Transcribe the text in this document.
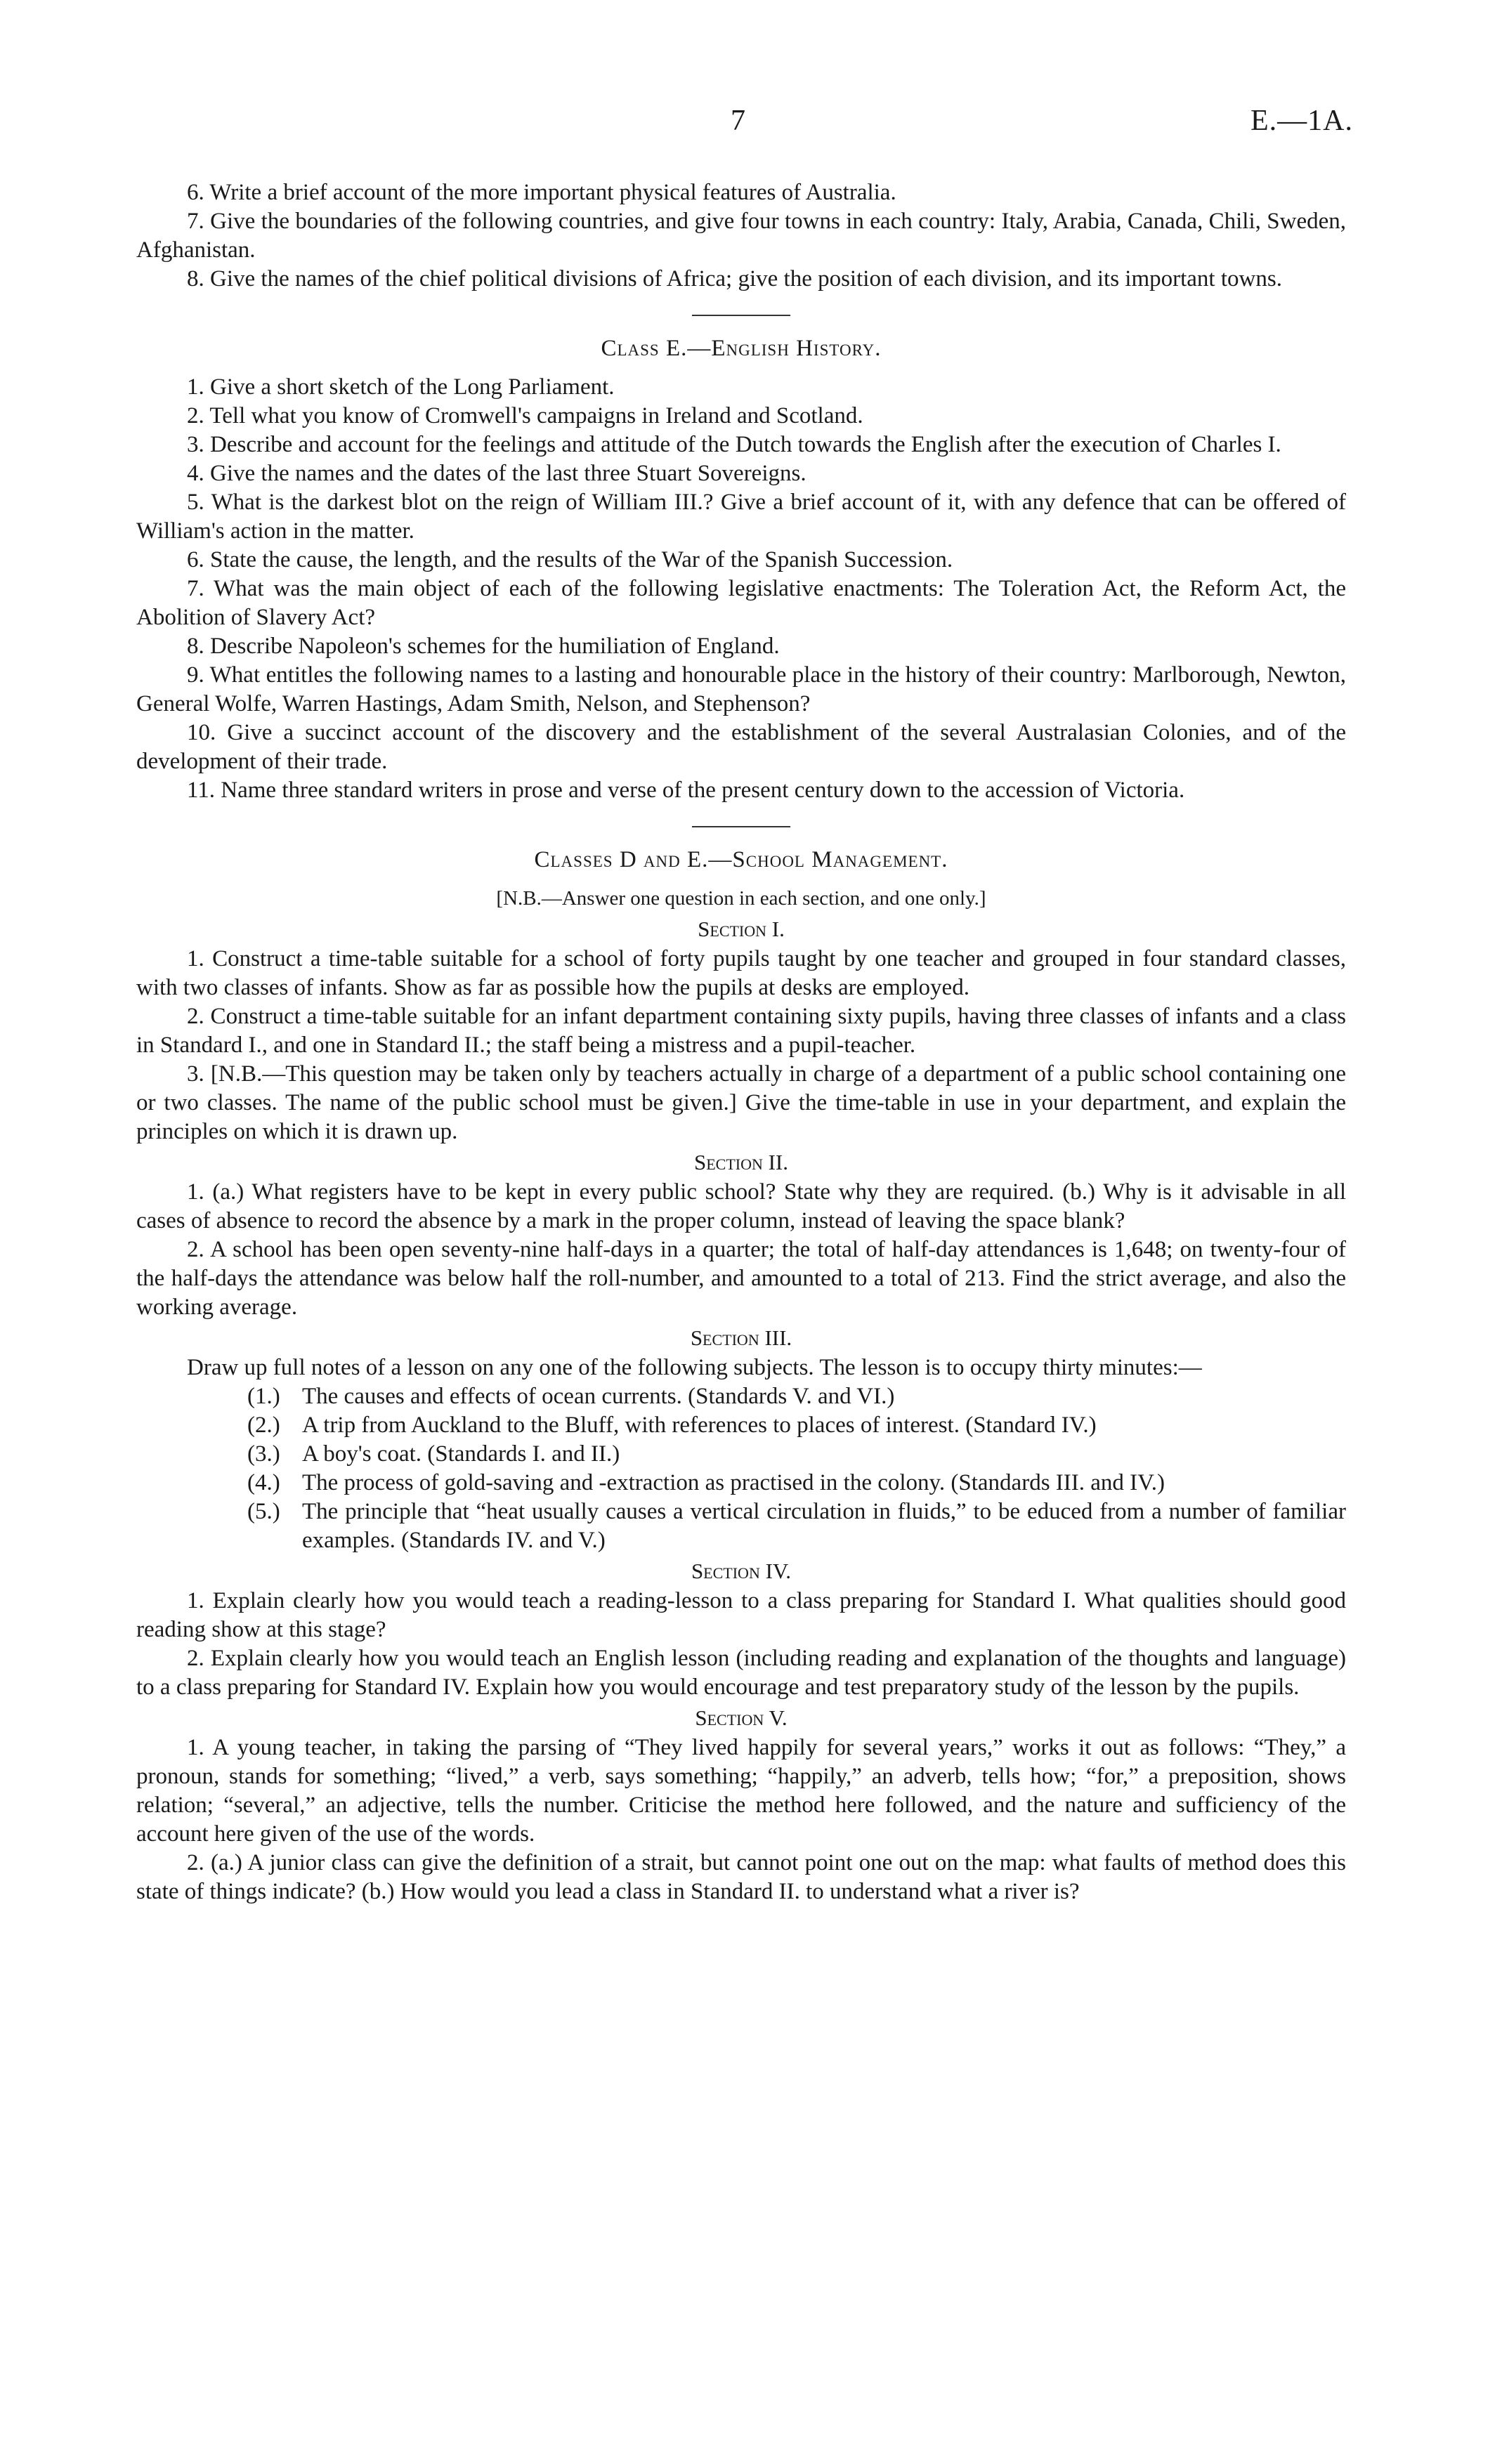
7	E.—1A.

6. Write a brief account of the more important physical features of Australia.

7. Give the boundaries of the following countries, and give four towns in each country: Italy, Arabia, Canada, Chili, Sweden, Afghanistan.

8. Give the names of the chief political divisions of Africa; give the position of each division, and its important towns.

Class E.—English History.

1. Give a short sketch of the Long Parliament.

2. Tell what you know of Cromwell's campaigns in Ireland and Scotland.

3. Describe and account for the feelings and attitude of the Dutch towards the English after the execution of Charles I.

4. Give the names and the dates of the last three Stuart Sovereigns.

5. What is the darkest blot on the reign of William III.? Give a brief account of it, with any defence that can be offered of William's action in the matter.

6. State the cause, the length, and the results of the War of the Spanish Succession.

7. What was the main object of each of the following legislative enactments: The Toleration Act, the Reform Act, the Abolition of Slavery Act?

8. Describe Napoleon's schemes for the humiliation of England.

9. What entitles the following names to a lasting and honourable place in the history of their country: Marlborough, Newton, General Wolfe, Warren Hastings, Adam Smith, Nelson, and Stephenson?

10. Give a succinct account of the discovery and the establishment of the several Australasian Colonies, and of the development of their trade.

11. Name three standard writers in prose and verse of the present century down to the accession of Victoria.

Classes D and E.—School Management.
[N.B.—Answer one question in each section, and one only.]
Section I.

1. Construct a time-table suitable for a school of forty pupils taught by one teacher and grouped in four standard classes, with two classes of infants. Show as far as possible how the pupils at desks are employed.

2. Construct a time-table suitable for an infant department containing sixty pupils, having three classes of infants and a class in Standard I., and one in Standard II.; the staff being a mistress and a pupil-teacher.

3. [N.B.—This question may be taken only by teachers actually in charge of a department of a public school containing one or two classes. The name of the public school must be given.] Give the time-table in use in your department, and explain the principles on which it is drawn up.

Section II.

1. (a.) What registers have to be kept in every public school? State why they are required. (b.) Why is it advisable in all cases of absence to record the absence by a mark in the proper column, instead of leaving the space blank?

2. A school has been open seventy-nine half-days in a quarter; the total of half-day attendances is 1,648; on twenty-four of the half-days the attendance was below half the roll-number, and amounted to a total of 213. Find the strict average, and also the working average.

Section III.

Draw up full notes of a lesson on any one of the following subjects. The lesson is to occupy thirty minutes:—

(1.) The causes and effects of ocean currents. (Standards V. and VI.)
(2.) A trip from Auckland to the Bluff, with references to places of interest. (Standard IV.)
(3.) A boy's coat. (Standards I. and II.)
(4.) The process of gold-saving and -extraction as practised in the colony. (Standards III. and IV.)
(5.) The principle that “heat usually causes a vertical circulation in fluids,” to be educed from a number of familiar examples. (Standards IV. and V.)
Section IV.

1. Explain clearly how you would teach a reading-lesson to a class preparing for Standard I. What qualities should good reading show at this stage?

2. Explain clearly how you would teach an English lesson (including reading and explanation of the thoughts and language) to a class preparing for Standard IV. Explain how you would encourage and test preparatory study of the lesson by the pupils.

Section V.

1. A young teacher, in taking the parsing of “They lived happily for several years,” works it out as follows: “They,” a pronoun, stands for something; “lived,” a verb, says something; “happily,” an adverb, tells how; “for,” a preposition, shows relation; “several,” an adjective, tells the number. Criticise the method here followed, and the nature and sufficiency of the account here given of the use of the words.

2. (a.) A junior class can give the definition of a strait, but cannot point one out on the map: what faults of method does this state of things indicate? (b.) How would you lead a class in Standard II. to understand what a river is?
